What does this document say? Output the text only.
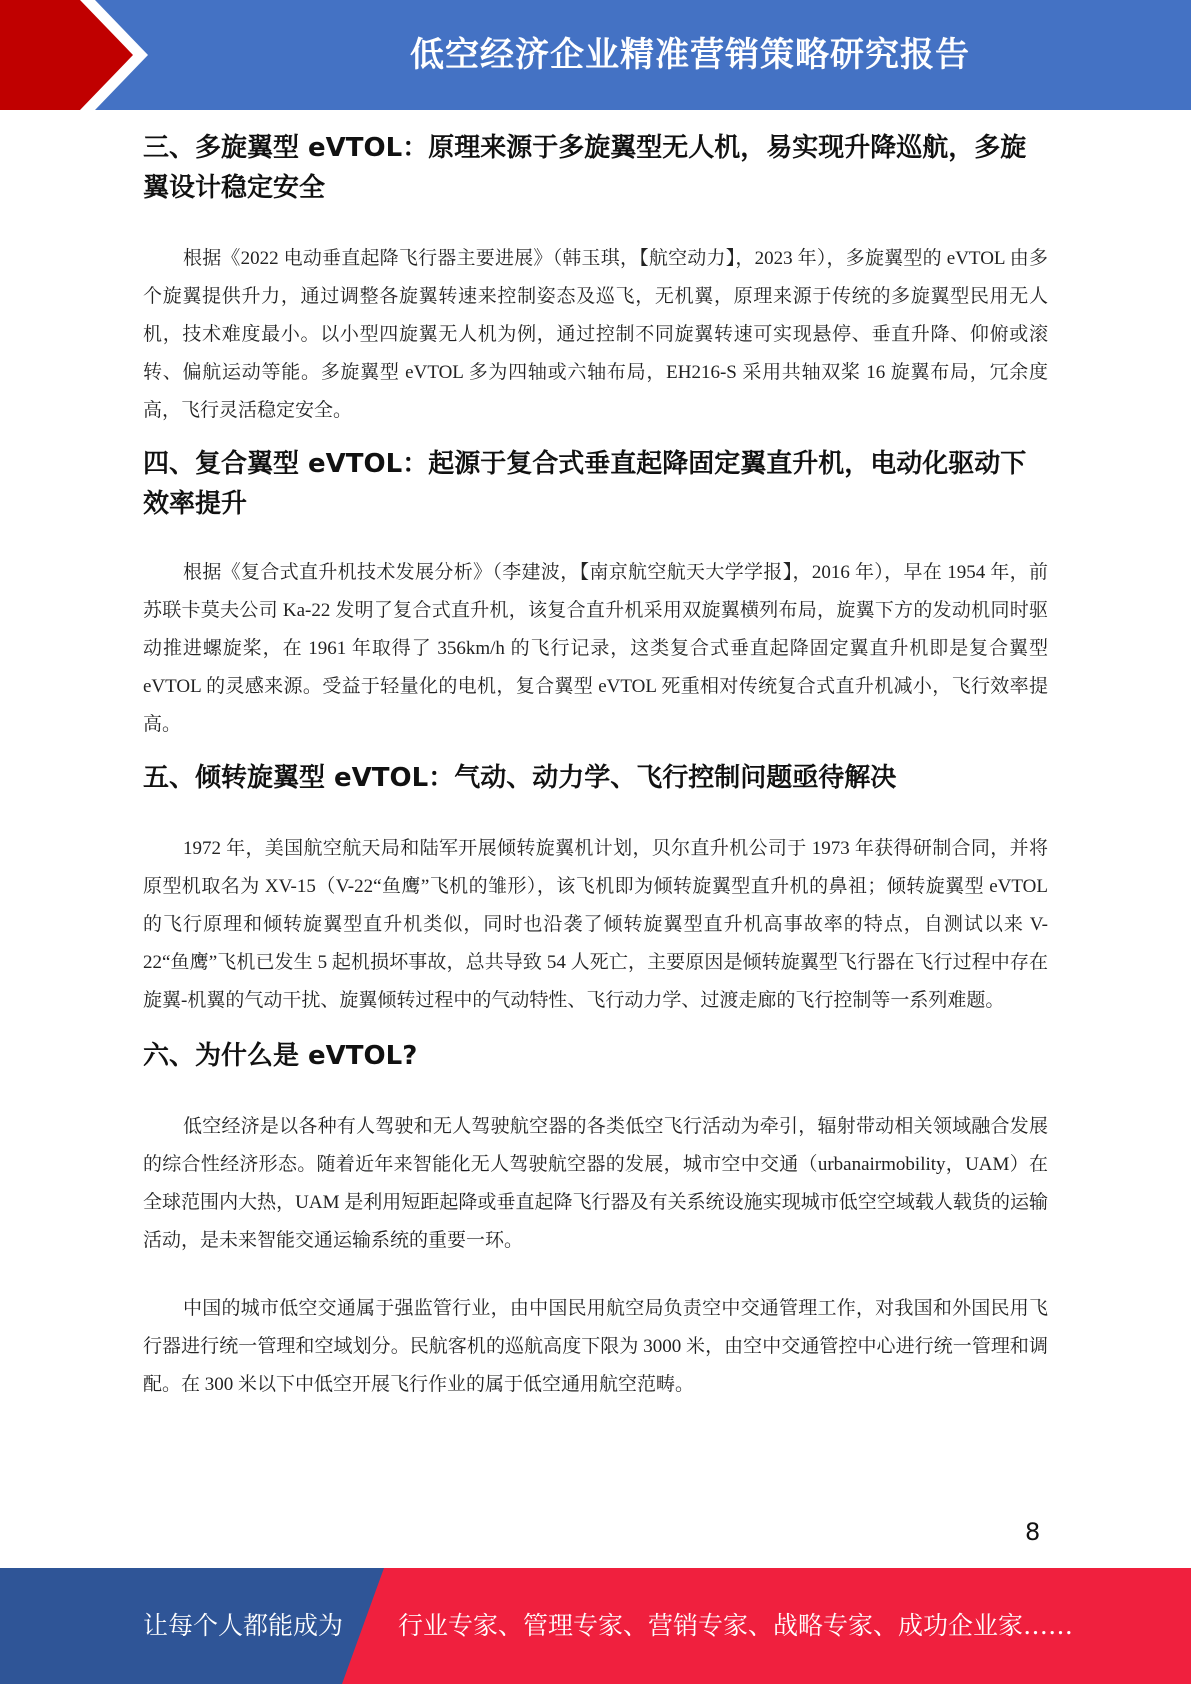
低空经济企业精准营销策略研究报告
三、多旋翼型 eVTOL：原理来源于多旋翼型无人机，易实现升降巡航，多旋翼设计稳定安全

根据《2022 电动垂直起降飞行器主要进展》（韩玉琪，【航空动力】，2023 年），多旋翼型的 eVTOL 由多个旋翼提供升力，通过调整各旋翼转速来控制姿态及巡飞，无机翼，原理来源于传统的多旋翼型民用无人机，技术难度最小。以小型四旋翼无人机为例，通过控制不同旋翼转速可实现悬停、垂直升降、仰俯或滚转、偏航运动等能。多旋翼型 eVTOL 多为四轴或六轴布局，EH216-S 采用共轴双桨 16 旋翼布局，冗余度高，飞行灵活稳定安全。

四、复合翼型 eVTOL：起源于复合式垂直起降固定翼直升机，电动化驱动下效率提升

根据《复合式直升机技术发展分析》（李建波，【南京航空航天大学学报】，2016 年），早在 1954 年，前苏联卡莫夫公司 Ka-22 发明了复合式直升机，该复合直升机采用双旋翼横列布局，旋翼下方的发动机同时驱动推进螺旋桨，在 1961 年取得了 356km/h 的飞行记录，这类复合式垂直起降固定翼直升机即是复合翼型 eVTOL 的灵感来源。受益于轻量化的电机，复合翼型 eVTOL 死重相对传统复合式直升机减小，飞行效率提高。

五、倾转旋翼型 eVTOL：气动、动力学、飞行控制问题亟待解决

1972 年，美国航空航天局和陆军开展倾转旋翼机计划，贝尔直升机公司于 1973 年获得研制合同，并将原型机取名为 XV-15（V-22“鱼鹰”飞机的雏形），该飞机即为倾转旋翼型直升机的鼻祖；倾转旋翼型 eVTOL 的飞行原理和倾转旋翼型直升机类似，同时也沿袭了倾转旋翼型直升机高事故率的特点，自测试以来 V-22“鱼鹰”飞机已发生 5 起机损坏事故，总共导致 54 人死亡，主要原因是倾转旋翼型飞行器在飞行过程中存在旋翼-机翼的气动干扰、旋翼倾转过程中的气动特性、飞行动力学、过渡走廊的飞行控制等一系列难题。

六、为什么是 eVTOL?

低空经济是以各种有人驾驶和无人驾驶航空器的各类低空飞行活动为牵引，辐射带动相关领域融合发展的综合性经济形态。随着近年来智能化无人驾驶航空器的发展，城市空中交通（urbanairmobility，UAM）在全球范围内大热，UAM 是利用短距起降或垂直起降飞行器及有关系统设施实现城市低空空域载人载货的运输活动，是未来智能交通运输系统的重要一环。

中国的城市低空交通属于强监管行业，由中国民用航空局负责空中交通管理工作，对我国和外国民用飞行器进行统一管理和空域划分。民航客机的巡航高度下限为 3000 米，由空中交通管控中心进行统一管理和调配。在 300 米以下中低空开展飞行作业的属于低空通用航空范畴。

8
让每个人都能成为 行业专家、管理专家、营销专家、战略专家、成功企业家……
